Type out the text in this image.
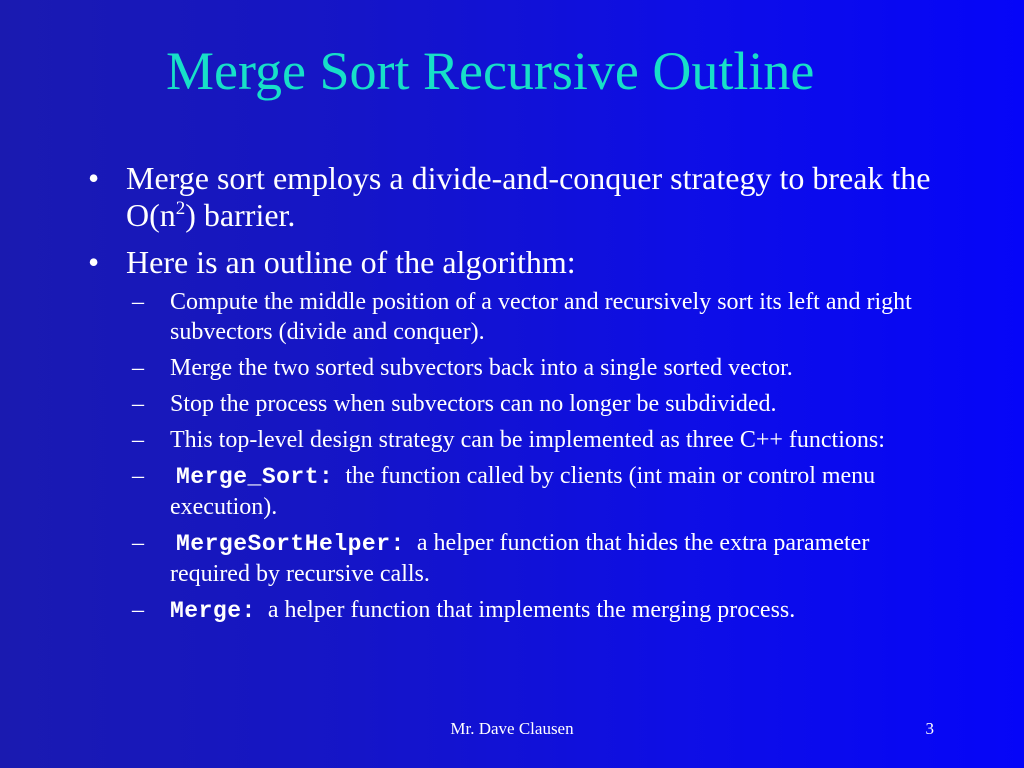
Merge Sort Recursive Outline
• Merge sort employs a divide-and-conquer strategy to break the $O(n^2)$ barrier.
• Here is an outline of the algorithm:
– Compute the middle position of a vector and recursively sort its left and right subvectors (divide and conquer).
– Merge the two sorted subvectors back into a single sorted vector.
– Stop the process when subvectors can no longer be subdivided.
– This top-level design strategy can be implemented as three C++ functions:
– Merge_Sort: the function called by clients (int main or control menu execution).
– MergeSortHelper: a helper function that hides the extra parameter required by recursive calls.
– Merge: a helper function that implements the merging process.
Mr. Dave Clausen	3
